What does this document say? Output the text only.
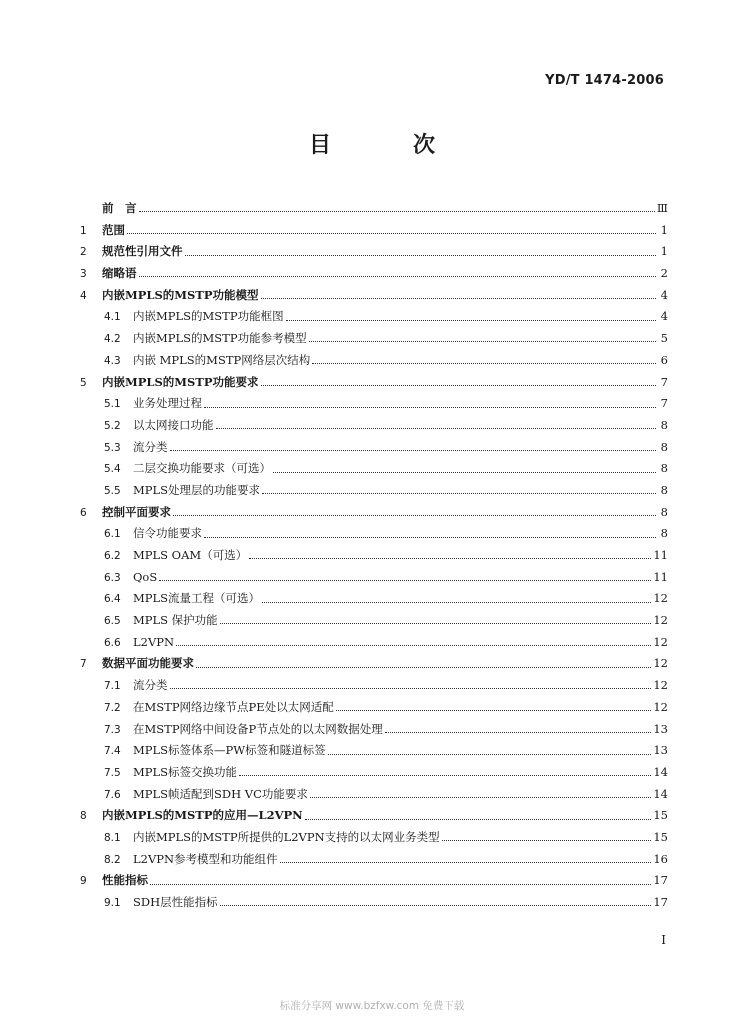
YD/T 1474-2006
目　次
前　言	Ⅲ
1	范围	1
2	规范性引用文件	1
3	缩略语	2
4	内嵌MPLS的MSTP功能模型	4
4.1	内嵌MPLS的MSTP功能框图	4
4.2	内嵌MPLS的MSTP功能参考模型	5
4.3	内嵌 MPLS的MSTP网络层次结构	6
5	内嵌MPLS的MSTP功能要求	7
5.1	业务处理过程	7
5.2	以太网接口功能	8
5.3	流分类	8
5.4	二层交换功能要求（可选）	8
5.5	MPLS处理层的功能要求	8
6	控制平面要求	8
6.1	信令功能要求	8
6.2	MPLS OAM（可选）	11
6.3	QoS	11
6.4	MPLS流量工程（可选）	12
6.5	MPLS 保护功能	12
6.6	L2VPN	12
7	数据平面功能要求	12
7.1	流分类	12
7.2	在MSTP网络边缘节点PE处以太网适配	12
7.3	在MSTP网络中间设备P节点处的以太网数据处理	13
7.4	MPLS标签体系—PW标签和隧道标签	13
7.5	MPLS标签交换功能	14
7.6	MPLS帧适配到SDH VC功能要求	14
8	内嵌MPLS的MSTP的应用—L2VPN	15
8.1	内嵌MPLS的MSTP所提供的L2VPN支持的以太网业务类型	15
8.2	L2VPN参考模型和功能组件	16
9	性能指标	17
9.1	SDH层性能指标	17
I
标准分享网 www.bzfxw.com 免费下载
